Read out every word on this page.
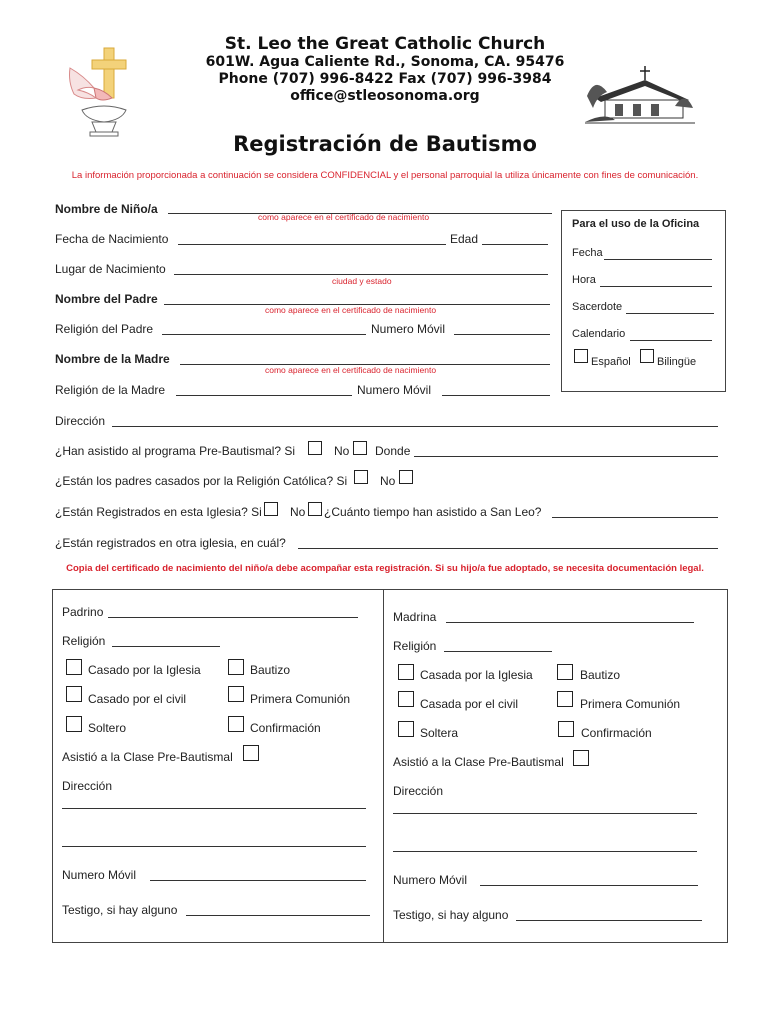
St. Leo the Great Catholic Church
601W. Agua Caliente Rd., Sonoma, CA. 95476
Phone (707) 996-8422 Fax (707) 996-3984
office@stleosonoma.org
Registración de Bautismo
La información proporcionada a continuación se considera CONFIDENCIAL y el personal parroquial la utiliza únicamente con fines de comunicación.
Nombre de Niño/a
como aparece en el certificado de nacimiento
Fecha de Nacimiento	Edad
Lugar de Nacimiento
ciudad y estado
Nombre del Padre
como aparece en el certificado de nacimiento
Religión del Padre	Numero Móvil
Nombre de la Madre
como aparece en el certificado de nacimiento
Religión de la Madre	Numero Móvil
Para el uso de la Oficina
Fecha
Hora
Sacerdote
Calendario
Español Bilingüe
Dirección
¿Han asistido al programa Pre-Bautismal? Si	No Donde
¿Están los padres casados por la Religión Católica? Si	No
¿Están Registrados en esta Iglesia? Si No ¿Cuánto tiempo han asistido a San Leo?
¿Están registrados en otra iglesia, en cuál?
Copia del certificado de nacimiento del niño/a debe acompañar esta registración. Si su hijo/a fue adoptado, se necesita documentación legal.
Padrino
Religión
Casado por la Iglesia	Bautizo
Casado por el civil	Primera Comunión
Soltero	Confirmación
Asistió a la Clase Pre-Bautismal
Dirección
Numero Móvil
Testigo, si hay alguno
Madrina
Religión
Casada por la Iglesia	Bautizo
Casada por el civil	Primera Comunión
Soltera	Confirmación
Asistió a la Clase Pre-Bautismal
Dirección
Numero Móvil
Testigo, si hay alguno
